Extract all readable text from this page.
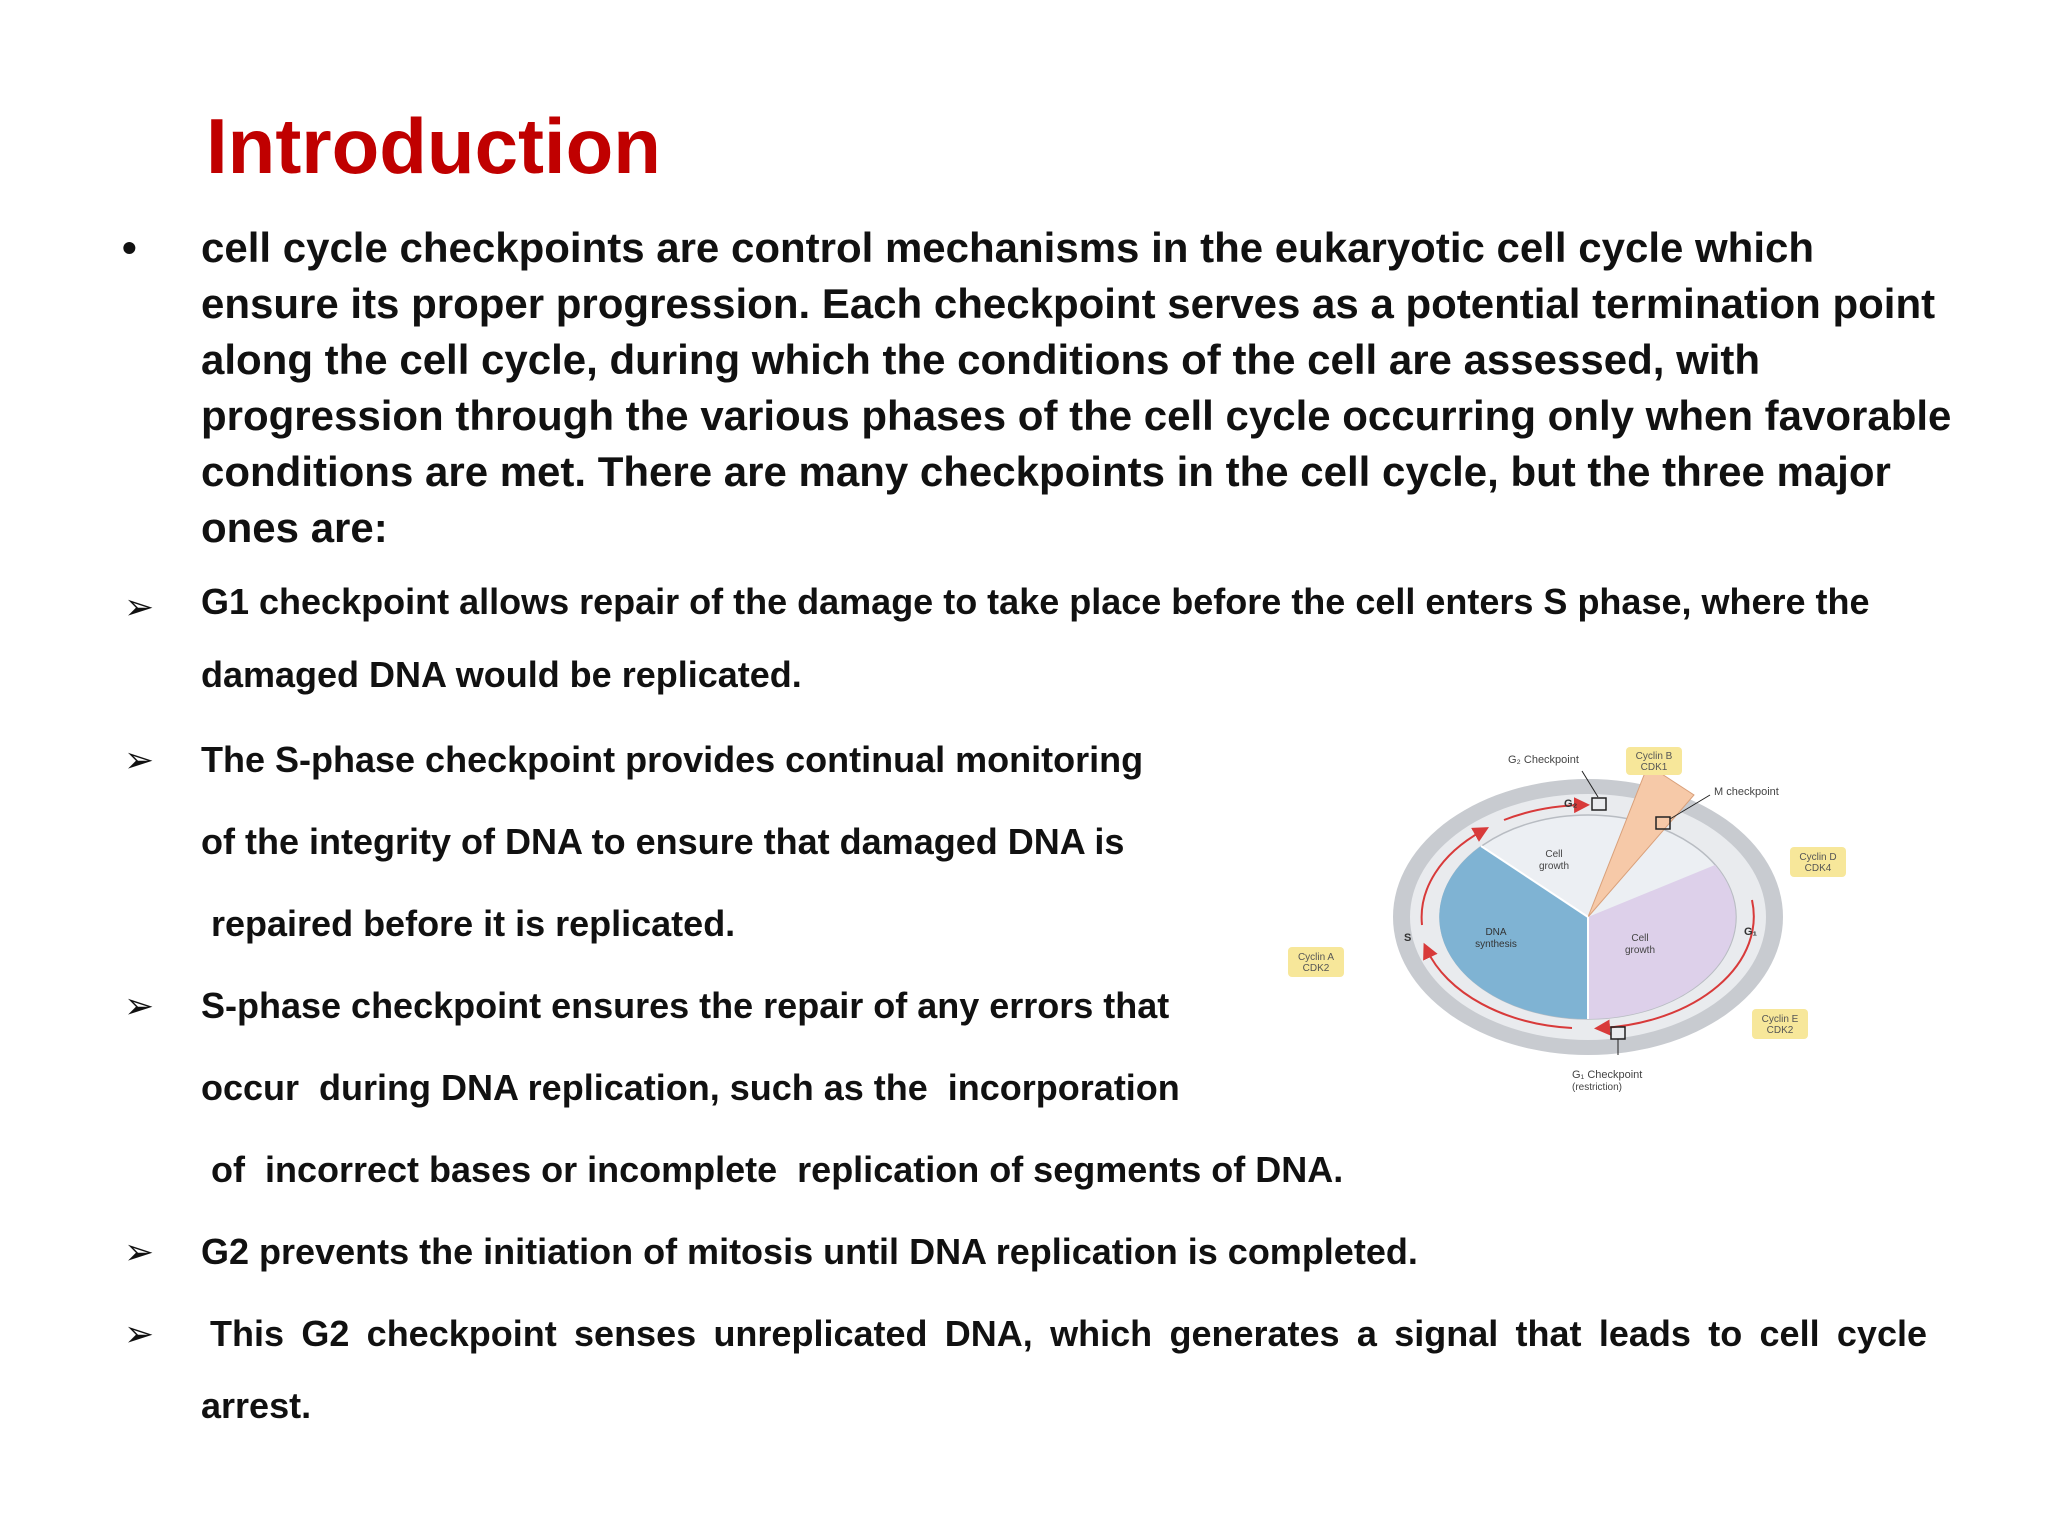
Introduction
• cell cycle checkpoints are control mechanisms in the eukaryotic cell cycle which ensure its proper progression. Each checkpoint serves as a potential termination point along the cell cycle, during which the conditions of the cell are assessed, with progression through the various phases of the cell cycle occurring only when favorable conditions are met. There are many checkpoints in the cell cycle, but the three major ones are:
➢ G1 checkpoint allows repair of the damage to take place before the cell enters S phase, where the damaged DNA would be replicated.
➢ The S-phase checkpoint provides continual monitoring
of the integrity of DNA to ensure that damaged DNA is
repaired before it is replicated.
➢ S-phase checkpoint ensures the repair of any errors that
occur  during DNA replication, such as the  incorporation
of  incorrect bases or incomplete  replication of segments of DNA.
➢ G2 prevents the initiation of mitosis until DNA replication is completed.
➢ This G2 checkpoint senses unreplicated DNA, which generates a signal that leads to cell cycle
arrest.
G₂ Checkpoint	Cyclin B
CDK1
M checkpoint
Cyclin D
CDK4
Cyclin A
CDK2
Cyclin E
CDK2
G₁ Checkpoint
(restriction)
G₂
G₁
S
Cell
growth
DNA
synthesis
Cell
growth
